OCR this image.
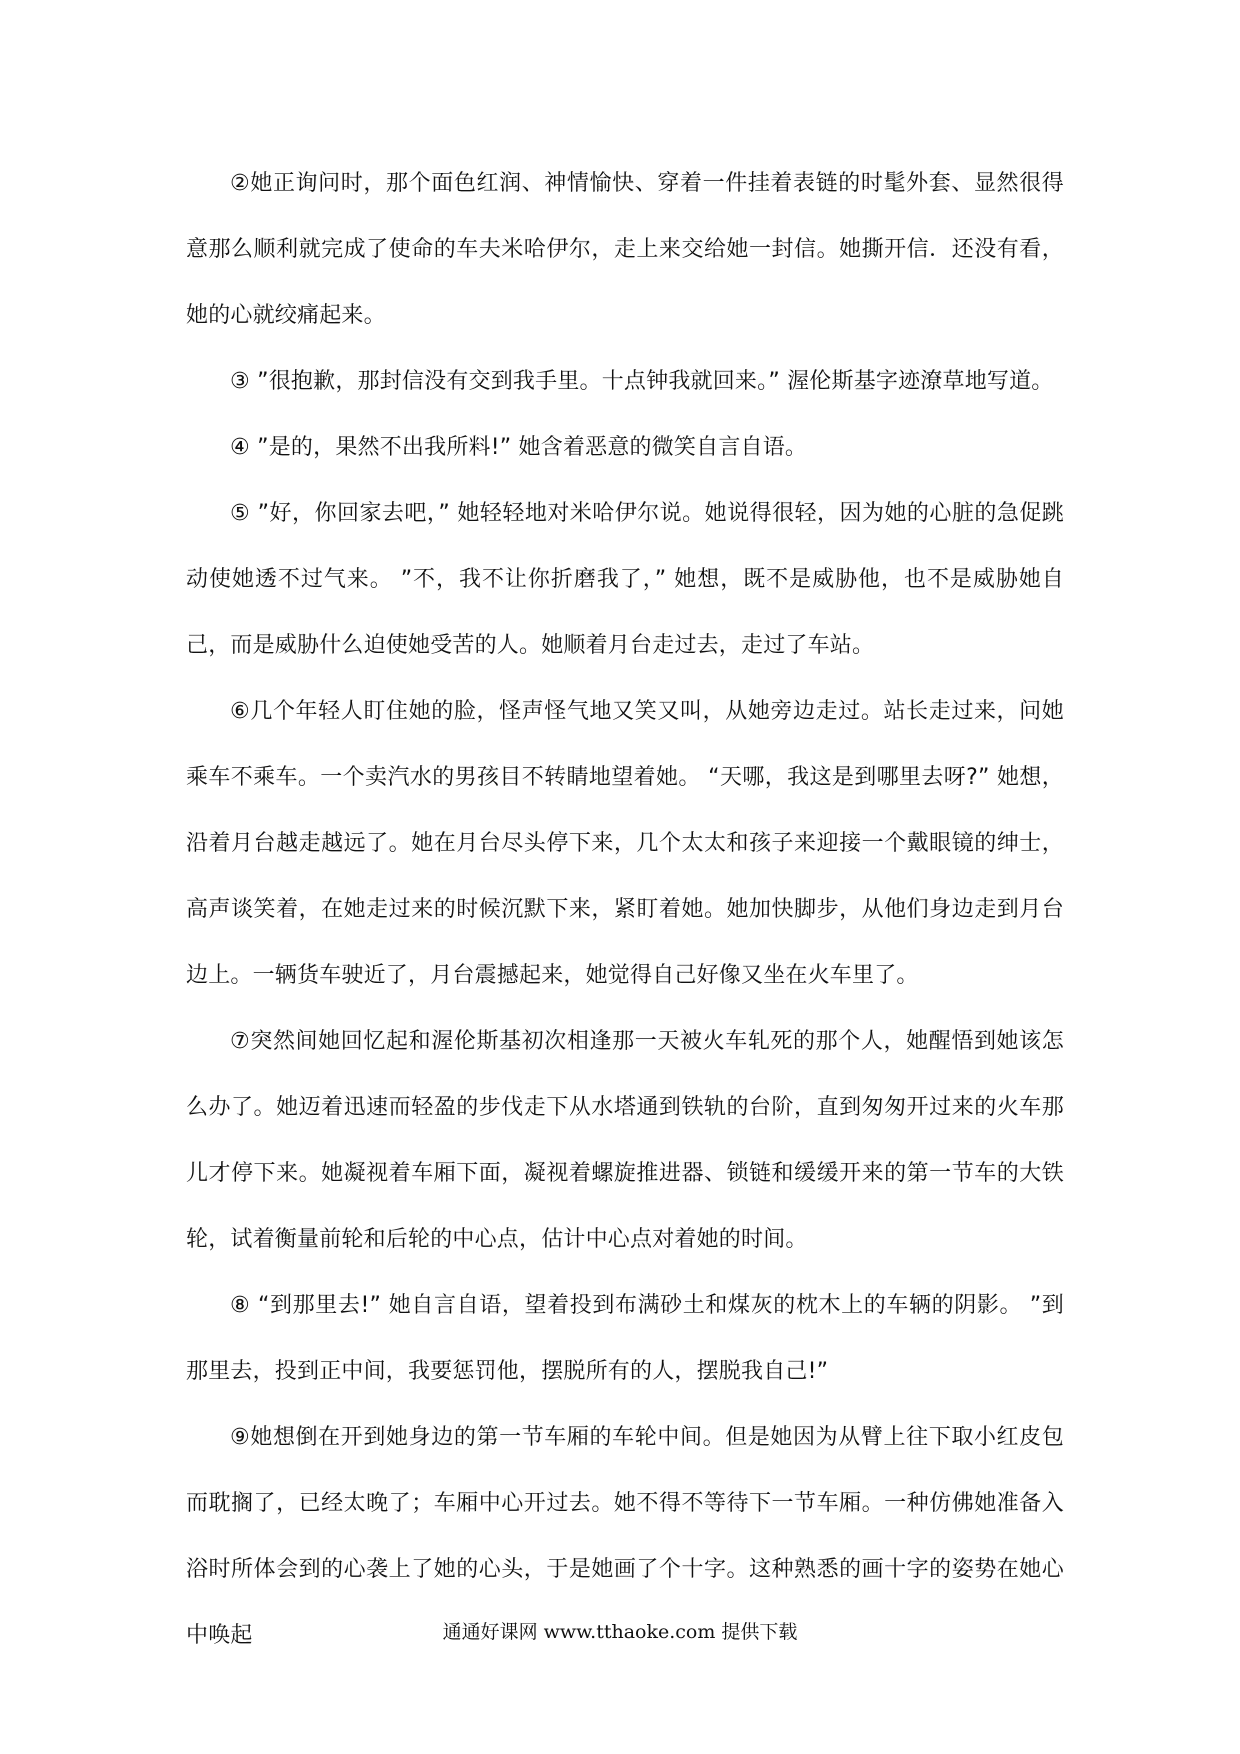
②她正询问时，那个面色红润、神情愉快、穿着一件挂着表链的时髦外套、显然很得意那么顺利就完成了使命的车夫米哈伊尔，走上来交给她一封信。她撕开信．还没有看，她的心就绞痛起来。

③ ”很抱歉，那封信没有交到我手里。十点钟我就回来。” 渥伦斯基字迹潦草地写道。

④ ”是的，果然不出我所料!” 她含着恶意的微笑自言自语。

⑤ ”好，你回家去吧，” 她轻轻地对米哈伊尔说。她说得很轻，因为她的心脏的急促跳动使她透不过气来。 ”不，我不让你折磨我了，” 她想，既不是威胁他，也不是威胁她自己，而是威胁什么迫使她受苦的人。她顺着月台走过去，走过了车站。

⑥几个年轻人盯住她的脸，怪声怪气地又笑又叫，从她旁边走过。站长走过来，问她乘车不乘车。一个卖汽水的男孩目不转睛地望着她。 “天哪，我这是到哪里去呀?” 她想，沿着月台越走越远了。她在月台尽头停下来，几个太太和孩子来迎接一个戴眼镜的绅士，高声谈笑着，在她走过来的时候沉默下来，紧盯着她。她加快脚步，从他们身边走到月台边上。一辆货车驶近了，月台震撼起来，她觉得自己好像又坐在火车里了。

⑦突然间她回忆起和渥伦斯基初次相逢那一天被火车轧死的那个人，她醒悟到她该怎么办了。她迈着迅速而轻盈的步伐走下从水塔通到铁轨的台阶，直到匆匆开过来的火车那儿才停下来。她凝视着车厢下面，凝视着螺旋推进器、锁链和缓缓开来的第一节车的大铁轮，试着衡量前轮和后轮的中心点，估计中心点对着她的时间。

⑧ “到那里去!” 她自言自语，望着投到布满砂土和煤灰的枕木上的车辆的阴影。 ”到那里去，投到正中间，我要惩罚他，摆脱所有的人，摆脱我自己!”

⑨她想倒在开到她身边的第一节车厢的车轮中间。但是她因为从臂上往下取小红皮包而耽搁了，已经太晚了；车厢中心开过去。她不得不等待下一节车厢。一种仿佛她准备入浴时所体会到的心袭上了她的心头，于是她画了个十字。这种熟悉的画十字的姿势在她心中唤起	通通好课网 www.tthaoke.com 提供下载
